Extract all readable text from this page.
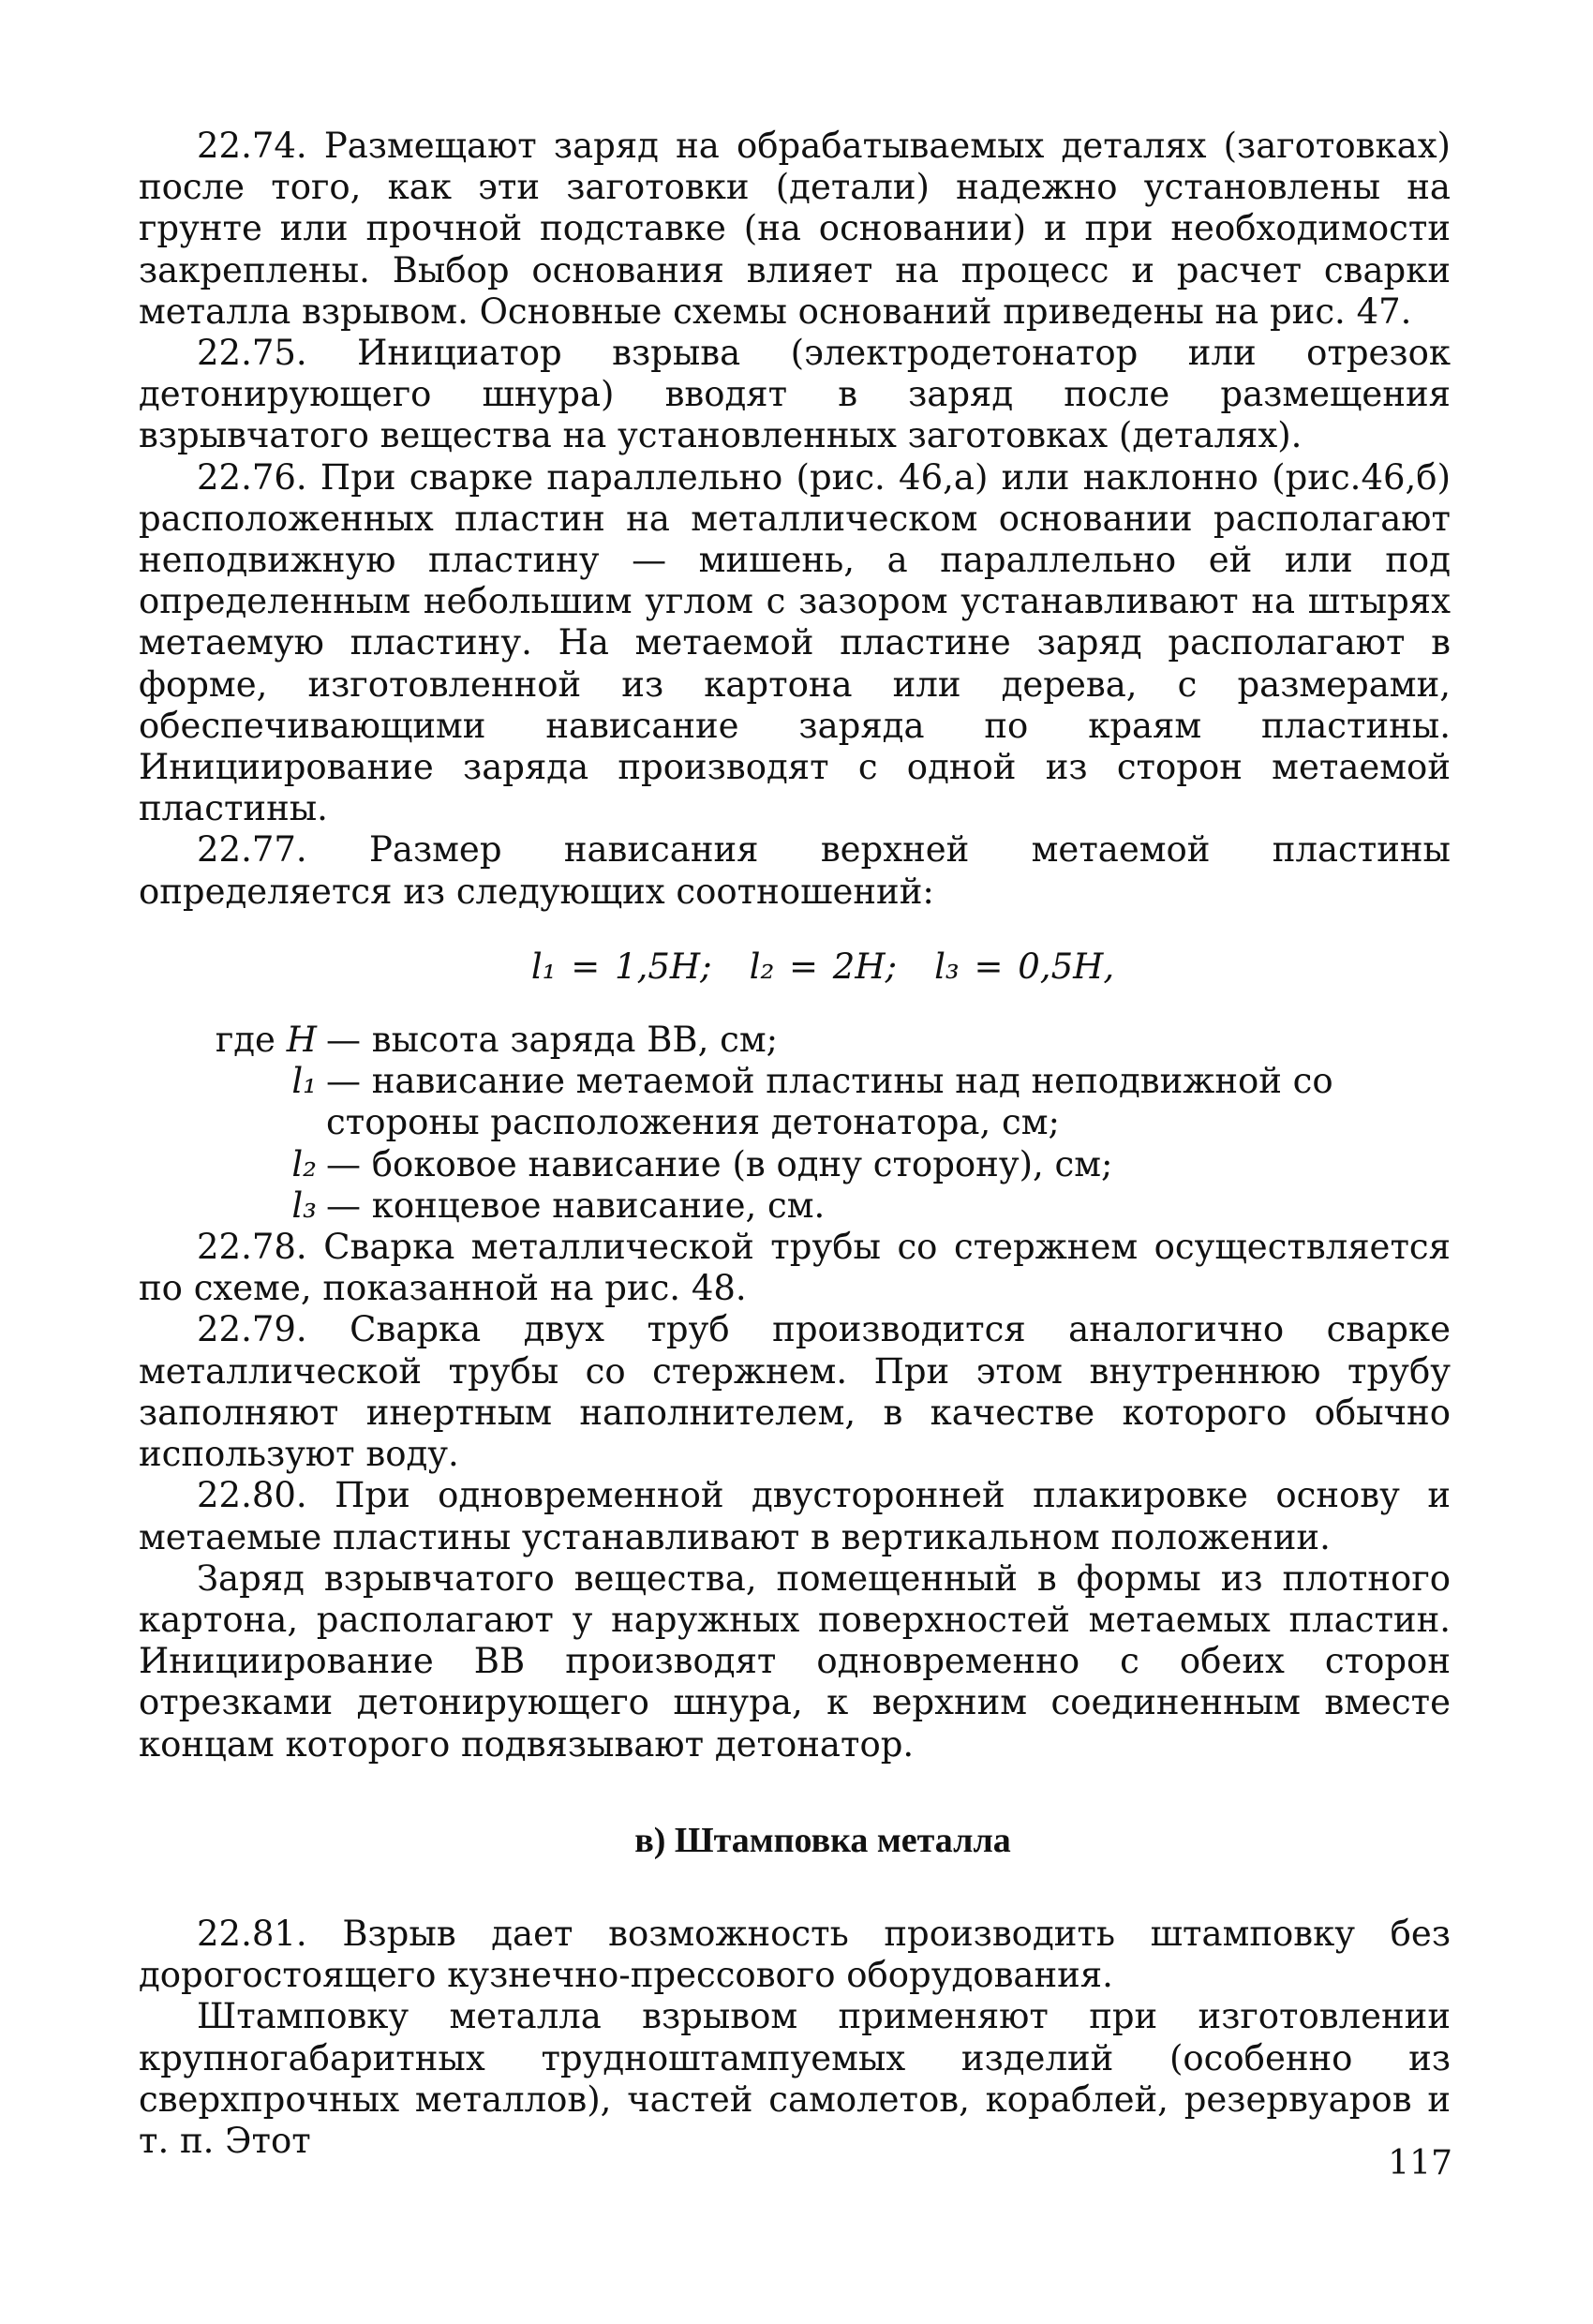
22.74. Размещают заряд на обрабатываемых деталях (заготовках) после того, как эти заготовки (детали) надежно установлены на грунте или прочной подставке (на основании) и при необходимости закреплены. Выбор основания влияет на процесс и расчет сварки металла взрывом. Основные схемы оснований приведены на рис. 47.

22.75. Инициатор взрыва (электродетонатор или отрезок детонирующего шнура) вводят в заряд после размещения взрывчатого вещества на установленных заготовках (деталях).

22.76. При сварке параллельно (рис. 46,а) или наклонно (рис.46,б) расположенных пластин на металлическом основании располагают неподвижную пластину — мишень, а параллельно ей или под определенным небольшим углом с зазором устанавливают на штырях метаемую пластину. На метаемой пластине заряд располагают в форме, изготовленной из картона или дерева, с размерами, обеспечивающими нависание заряда по краям пластины. Инициирование заряда производят с одной из сторон метаемой пластины.

22.77. Размер нависания верхней метаемой пластины определяется из следующих соотношений:

l₁ = 1,5H; l₂ = 2H; l₃ = 0,5H,
где H — высота заряда ВВ, см;
l₁ — нависание метаемой пластины над неподвижной со стороны расположения детонатора, см;
l₂ — боковое нависание (в одну сторону), см;
l₃ — концевое нависание, см.

22.78. Сварка металлической трубы со стержнем осуществляется по схеме, показанной на рис. 48.

22.79. Сварка двух труб производится аналогично сварке металлической трубы со стержнем. При этом внутреннюю трубу заполняют инертным наполнителем, в качестве которого обычно используют воду.

22.80. При одновременной двусторонней плакировке основу и метаемые пластины устанавливают в вертикальном положении.

Заряд взрывчатого вещества, помещенный в формы из плотного картона, располагают у наружных поверхностей метаемых пластин. Инициирование ВВ производят одновременно с обеих сторон отрезками детонирующего шнура, к верхним соединенным вместе концам которого подвязывают детонатор.

в) Штамповка металла

22.81. Взрыв дает возможность производить штамповку без дорогостоящего кузнечно-прессового оборудования.

Штамповку металла взрывом применяют при изготовлении крупногабаритных трудноштампуемых изделий (особенно из сверхпрочных металлов), частей самолетов, кораблей, резервуаров и т. п. Этот

117
